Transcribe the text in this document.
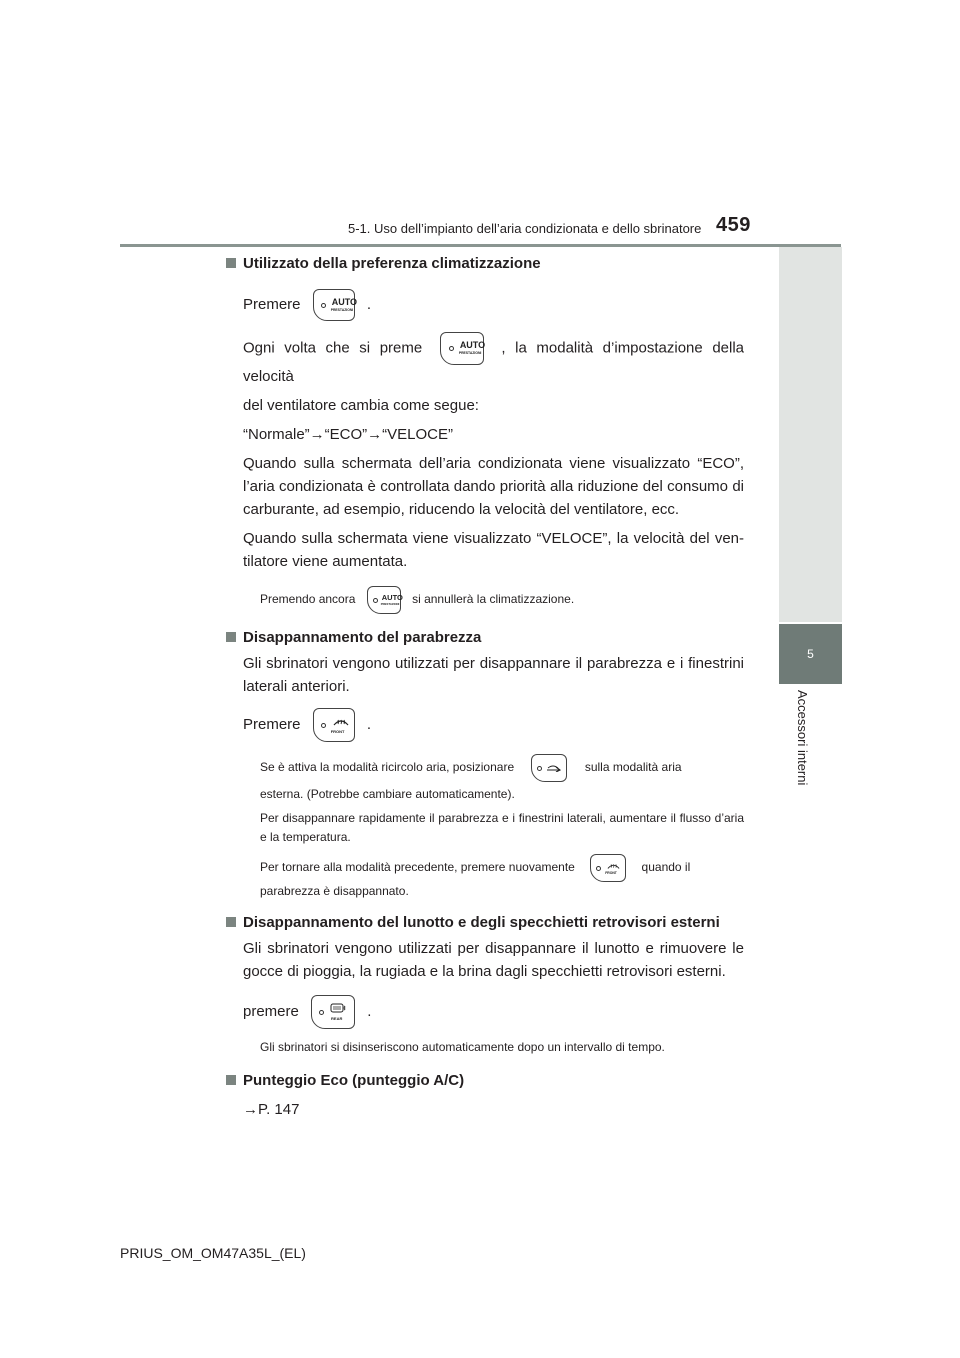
5-1. Uso dell’impianto dell’aria condizionata e dello sbrinatore 459
5
Accessori interni

Utilizzato della preferenza climatizzazione

Premere	AUTO
PRESTAZIONI .

Ogni volta che si preme	AUTO
PRESTAZIONI , la modalità d’impostazione della velocità

del ventilatore cambia come segue:

“Normale”→“ECO”→“VELOCE”

Quando sulla schermata dell’aria condizionata viene visualizzato “ECO”, l’aria condizionata è controllata dando priorità alla riduzione del consumo di carburante, ad esempio, riducendo la velocità del ventilatore, ecc.

Quando sulla schermata viene visualizzato “VELOCE”, la velocità del ven-tilatore viene aumentata.

Premendo ancora	AUTO
PRESTAZIONI si annullerà la climatizzazione.

Disappannamento del parabrezza

Gli sbrinatori vengono utilizzati per disappannare il parabrezza e i finestrini laterali anteriori.

Premere	FRONT .

Se è attiva la modalità ricircolo aria, posizionare	sulla modalità aria

esterna. (Potrebbe cambiare automaticamente).

Per disappannare rapidamente il parabrezza e i finestrini laterali, aumentare il flusso d’aria e la temperatura.

Per tornare alla modalità precedente, premere nuovamente	FRONT quando il

parabrezza è disappannato.

Disappannamento del lunotto e degli specchietti retrovisori esterni

Gli sbrinatori vengono utilizzati per disappannare il lunotto e rimuovere le gocce di pioggia, la rugiada e la brina dagli specchietti retrovisori esterni.

premere	REAR .

Gli sbrinatori si disinseriscono automaticamente dopo un intervallo di tempo.

Punteggio Eco (punteggio A/C)

→P. 147

PRIUS_OM_OM47A35L_(EL)
